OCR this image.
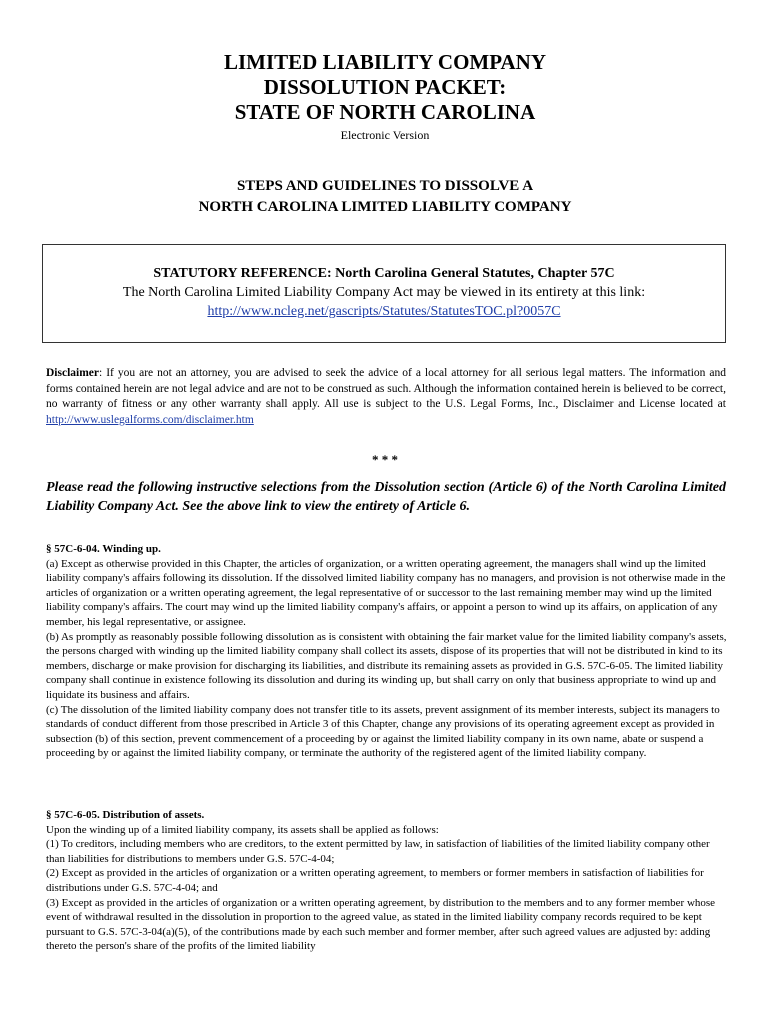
LIMITED LIABILITY COMPANY
DISSOLUTION PACKET:
STATE OF NORTH CAROLINA
Electronic Version
STEPS AND GUIDELINES TO DISSOLVE A
NORTH CAROLINA LIMITED LIABILITY COMPANY
STATUTORY REFERENCE: North Carolina General Statutes, Chapter 57C
The North Carolina Limited Liability Company Act may be viewed in its entirety at this link:
http://www.ncleg.net/gascripts/Statutes/StatutesTOC.pl?0057C
Disclaimer: If you are not an attorney, you are advised to seek the advice of a local attorney for all serious legal matters. The information and forms contained herein are not legal advice and are not to be construed as such. Although the information contained herein is believed to be correct, no warranty of fitness or any other warranty shall apply. All use is subject to the U.S. Legal Forms, Inc., Disclaimer and License located at http://www.uslegalforms.com/disclaimer.htm
* * *
Please read the following instructive selections from the Dissolution section (Article 6) of the North Carolina Limited Liability Company Act. See the above link to view the entirety of Article 6.
§ 57C-6-04. Winding up.

(a) Except as otherwise provided in this Chapter, the articles of organization, or a written operating agreement, the managers shall wind up the limited liability company's affairs following its dissolution. If the dissolved limited liability company has no managers, and provision is not otherwise made in the articles of organization or a written operating agreement, the legal representative of or successor to the last remaining member may wind up the limited liability company's affairs. The court may wind up the limited liability company's affairs, or appoint a person to wind up its affairs, on application of any member, his legal representative, or assignee.

(b) As promptly as reasonably possible following dissolution as is consistent with obtaining the fair market value for the limited liability company's assets, the persons charged with winding up the limited liability company shall collect its assets, dispose of its properties that will not be distributed in kind to its members, discharge or make provision for discharging its liabilities, and distribute its remaining assets as provided in G.S. 57C-6-05. The limited liability company shall continue in existence following its dissolution and during its winding up, but shall carry on only that business appropriate to wind up and liquidate its business and affairs.

(c) The dissolution of the limited liability company does not transfer title to its assets, prevent assignment of its member interests, subject its managers to standards of conduct different from those prescribed in Article 3 of this Chapter, change any provisions of its operating agreement except as provided in subsection (b) of this section, prevent commencement of a proceeding by or against the limited liability company in its own name, abate or suspend a proceeding by or against the limited liability company, or terminate the authority of the registered agent of the limited liability company.

§ 57C-6-05. Distribution of assets.

Upon the winding up of a limited liability company, its assets shall be applied as follows:

(1) To creditors, including members who are creditors, to the extent permitted by law, in satisfaction of liabilities of the limited liability company other than liabilities for distributions to members under G.S. 57C-4-04;

(2) Except as provided in the articles of organization or a written operating agreement, to members or former members in satisfaction of liabilities for distributions under G.S. 57C-4-04; and

(3) Except as provided in the articles of organization or a written operating agreement, by distribution to the members and to any former member whose event of withdrawal resulted in the dissolution in proportion to the agreed value, as stated in the limited liability company records required to be kept pursuant to G.S. 57C-3-04(a)(5), of the contributions made by each such member and former member, after such agreed values are adjusted by: adding thereto the person's share of the profits of the limited liability
